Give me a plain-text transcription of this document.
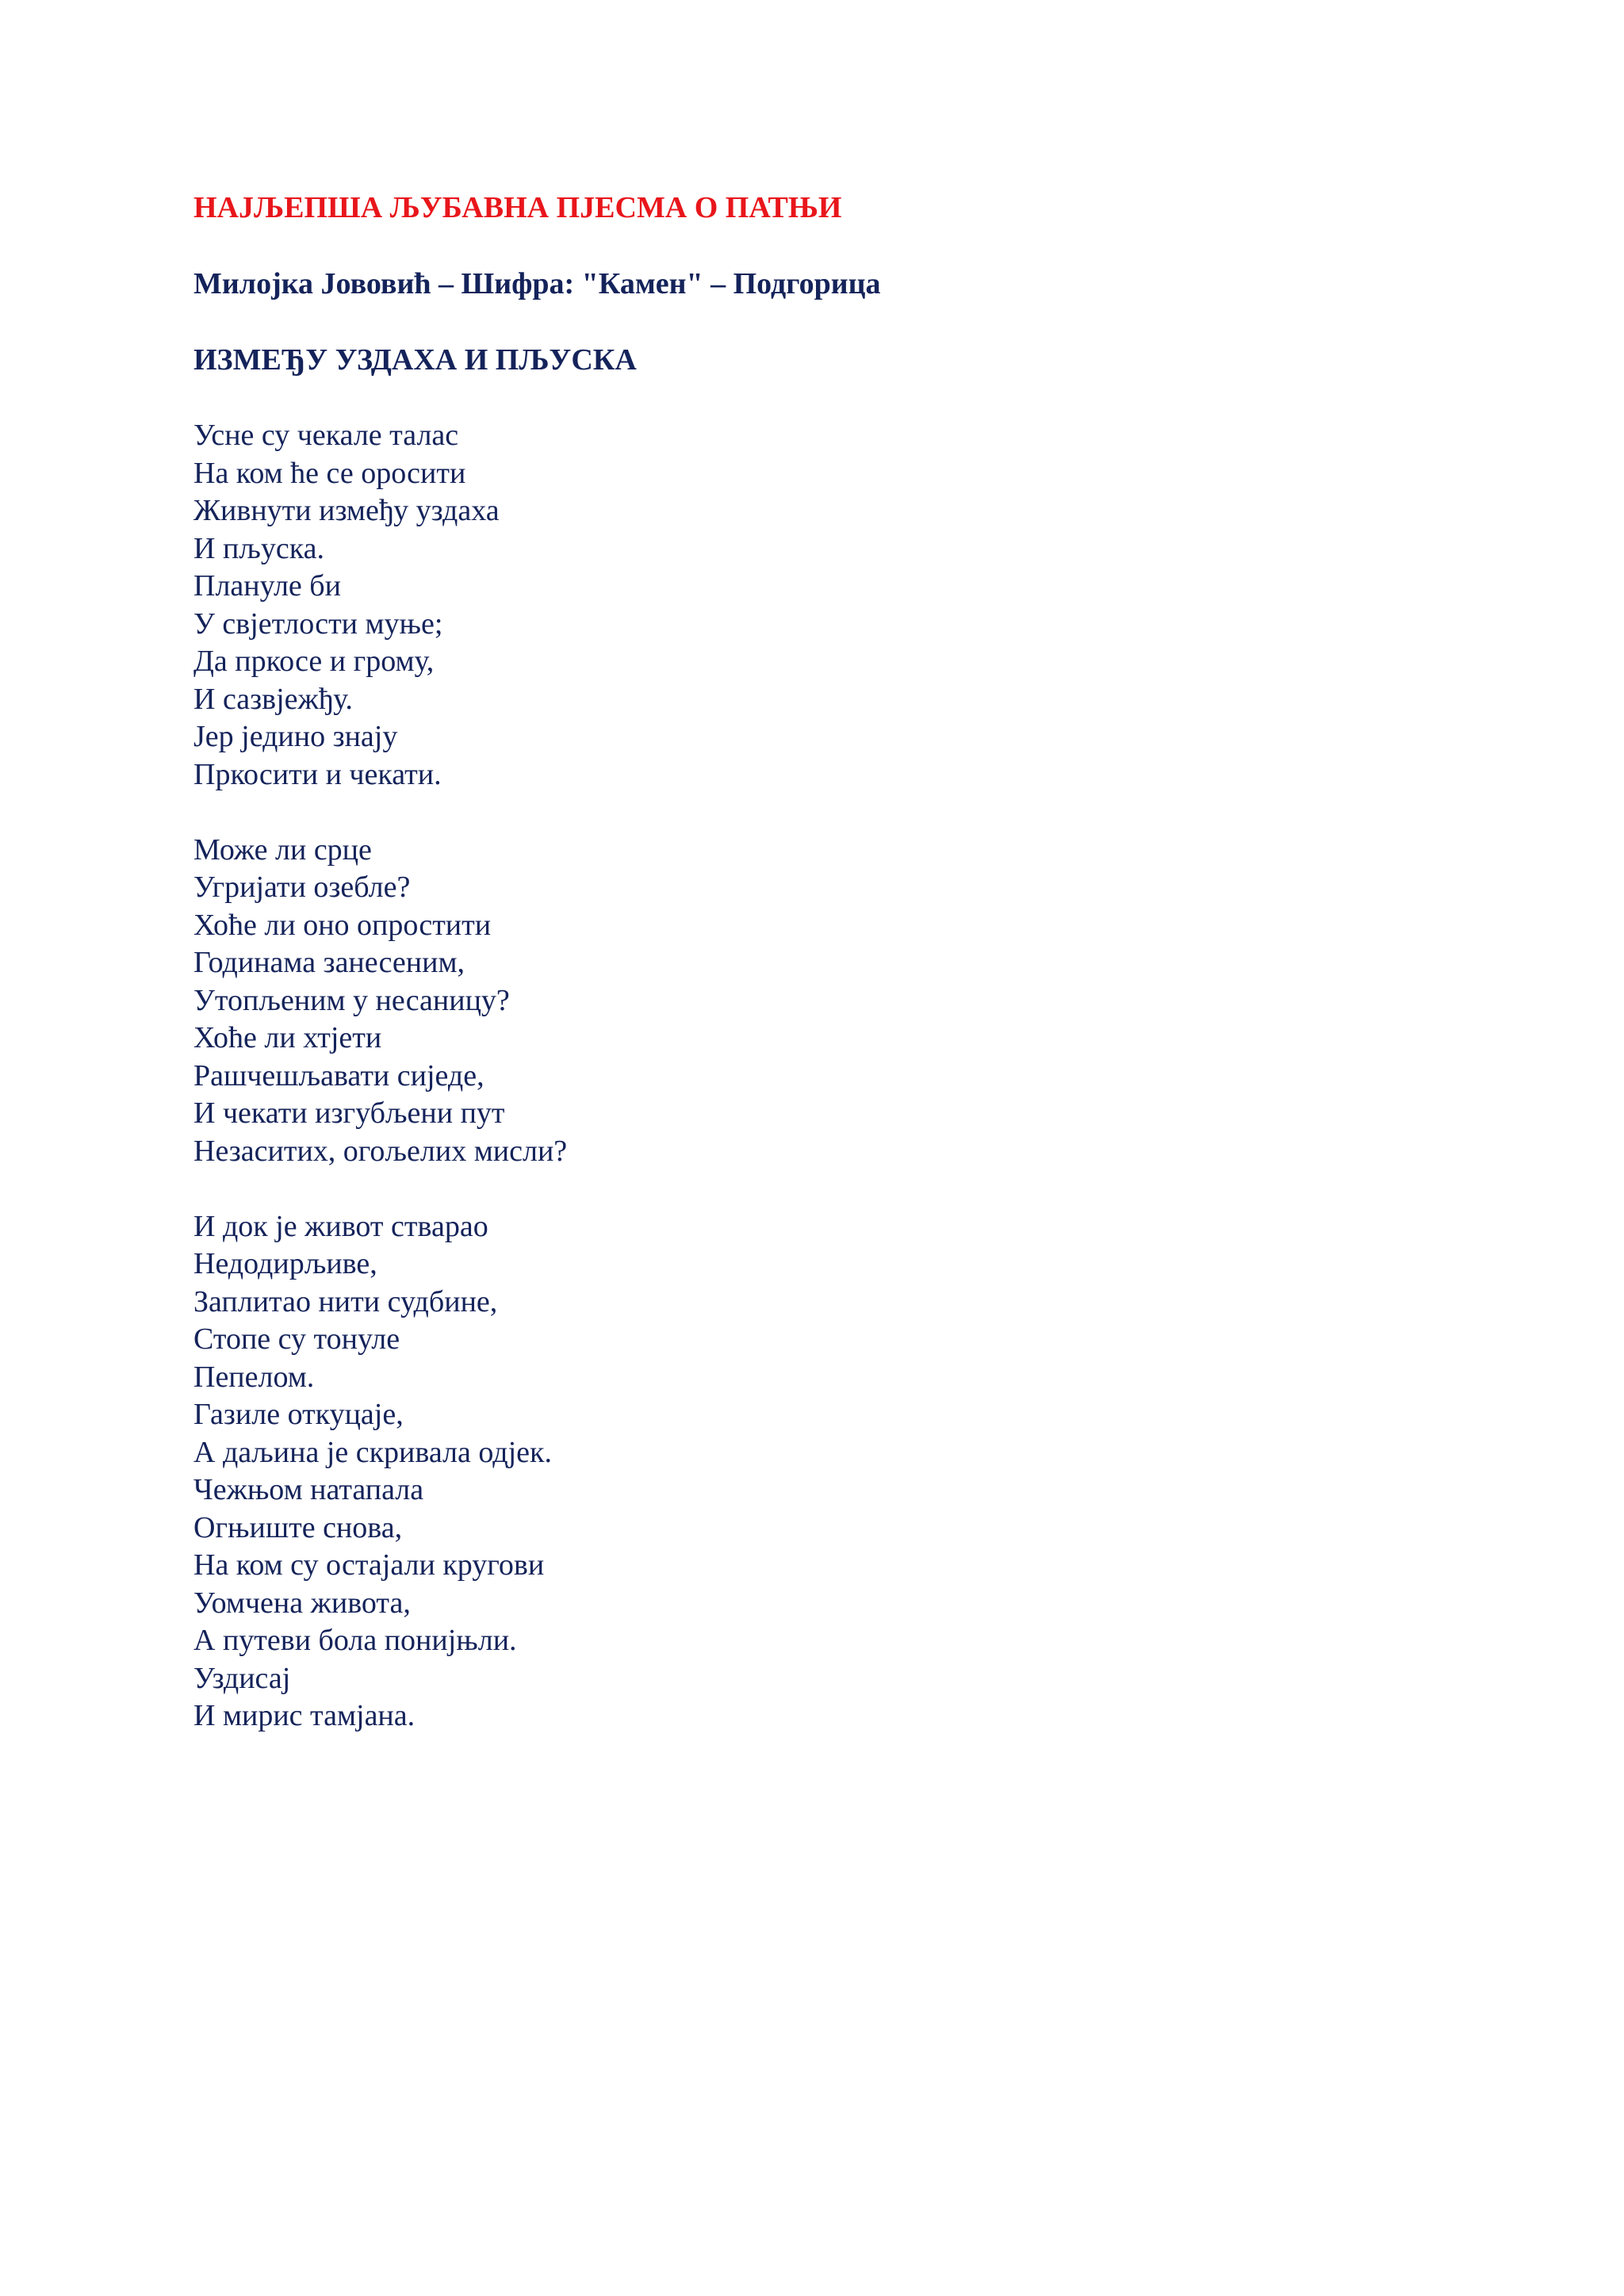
НАЈЉЕПША ЉУБАВНА ПЈЕСМА О ПАТЊИ
Милојка Јововић – Шифра: "Камен" – Подгорица
ИЗМЕЂУ УЗДАХА И ПЉУСКА
Усне су чекале талас
На ком ће се оросити
Живнути између уздаха
И пљуска.
Плануле би
У свјетлости муње;
Да пркосе и грому,
И сазвјежђу.
Јер једино знају
Пркосити и чекати.
Може ли срце
Угријати озебле?
Хоће ли оно опростити
Годинама занесеним,
Утопљеним у несаницу?
Хоће ли хтјети
Рашчешљавати сиједе,
И чекати изгубљени пут
Незаситих, огољелих мисли?
И док је живот стварао
Недодирљиве,
Заплитао нити судбине,
Стопе су тонуле
Пепелом.
Газиле откуцаје,
А даљина је скривала одјек.
Чежњом натапала
Огњиште снова,
На ком су остајали кругови
Уомчена живота,
А путеви бола понијњли.
Уздисај
И мирис тамјана.
